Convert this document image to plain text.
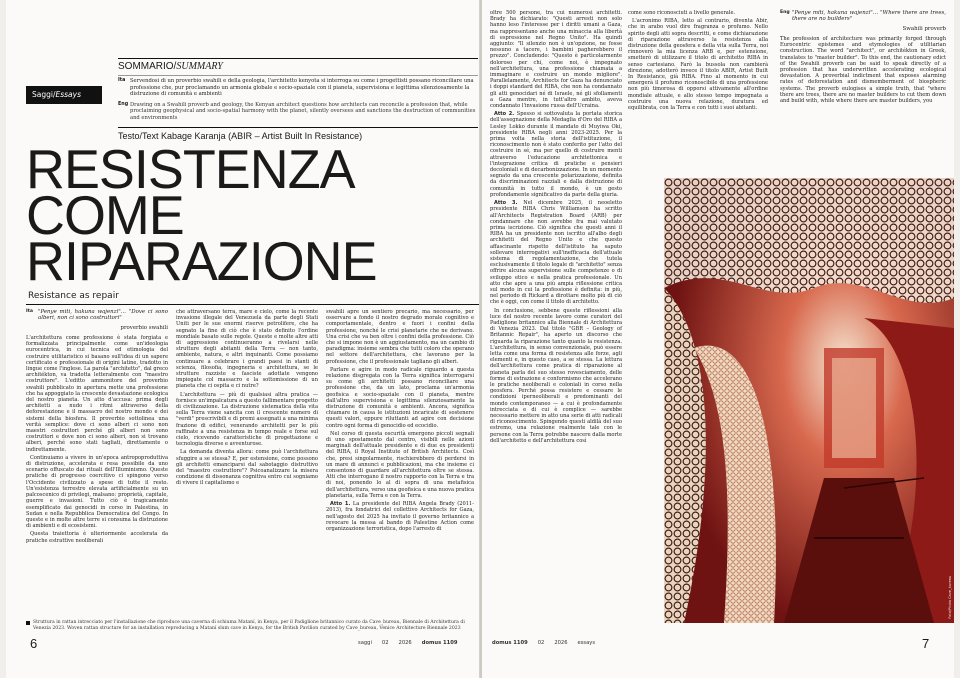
Saggi/Essays
SOMMARIO/SUMMARY
Ita Servendosi di un proverbio swahili e della geologia, l'architetto kenyota si interroga su come i progettisti possano riconciliare una professione che, pur proclamando un armonia globale e socio-spaziale con il pianeta, supervisiona e legittima silenziosamente la distruzione di comunità e ambienti
Eng Drawing on a Swahili proverb and geology, the Kenyan architect questions how architects can reconcile a profession that, while proclaiming geophysical and socio-spatial harmony with the planet, silently oversees and sanctions the destruction of communities and environments
Testo/Text Kabage Karanja (ABIR – Artist Built In Resistance)
RESISTENZA
COME
RIPARAZIONE
Resistance as repair
Ita "Penye miti, hakuna wajenzi"… "Dove ci sono alberi, non ci sono costruttori"
proverbio swahili

L'architettura come professione è stata forgiata e formalizzata principalmente come un'ideologia eurocentrica, in cui tecnica ed etimologia del costruire utilitaristico si basano sull'idea di un sapere certificato e professionale di origini latine, tradotto in lingue come l'inglese. La parola "architetto", dal greco architékton, va tradotta letteralmente con "maestro costruttore". L'editto ammonitore del proverbio swahili pubblicato in apertura mette una professione che ha appoggiato la crescente devastazione ecologica del nostro pianeta. Un atto d'accusa: prima degli architetti a nudo i ritmi attraverso della deforestazione e il massacro del nostro mondo e dei sistemi della biosfera. Il proverbio sottolinea una verità semplice: dove ci sono alberi ci sono non maestri costruttori perché gli alberi non sono costruttori e dove non ci sono alberi, non si trovano alberi, perché sono stati tagliati, direttamente o indirettamente.

Continuiamo a vivere in un'epoca antropoproduttiva di distruzione, accelerata e resa possibile da uno scenario offuscato dai rituali dell'Illuminismo. Queste pratiche di progresso coercitivo ci spingono verso l'Occidente civilizzato a spese di tutte il resto. Un'esistenza terrestre elevata artificialmente su un palcoscenico di privilegi, malsano: proprietà, capitale, guerre e invasioni. Tutto ciò è tragicamente esemplificato dai genocidi in corso in Palestina, in Sudan e nella Repubblica Democratica del Congo. In queste e in molte altre terre si consuma la distruzione di ambienti e di ecosistemi.

Questa traiettoria è ulteriormente accelerata da pratiche estrattive neoliberali

che attraversano terra, mare e cielo, come la recente invasione illegale del Venezuela da parte degli Stati Uniti per le sue enormi riserve petrolifere, che ha segnato la fine di ciò che è stato definito l'ordine mondiale basato sulle regole. Queste e molte altre atti di aggressione continueranno a rivelarsi nelle strutture degli abitanti della Terra — non tanto, ambiente, natura, e altri inquinanti. Come possiamo continuare a celebrare i grandi paesi in stanti di scienza, filosofia, ingegneria e architettura, se le strutture razziste e fasciste adottate vengono impiegate col massacro e la sottomissione di un pianeta che ci ospita e ci nutre?

L'architettura — più di qualsiasi altra pratica — fornisce un'impalcatura a questo fallimentare progetto di civilizzazione. La distruzione sistematica della vita sulla Terra viene sancita con il crescente numero di "verdi" prescrivibili e di premi assegnati a una minima frazione di edifici, venerando architetti per le più raffinate a una resistenza in tempo reale e forse sul cielo, ricevendo caratteristiche di progettazione e tecnologia diverse e avventurose.

La domanda diventa allora: come può l'architettura sfuggire a se stessa? E, per estensione, come possono gli architetti emanciparsi dal sabotaggio distruttivo del "maestro costruttore"? Psicoanalizzare la misera condizione di dissonanza cognitiva entro cui sogniamo di vivere il capitalismo e

swahili apre un sentiero precario, ma necessario, per osservare a fondo il nostro degrado morale cognitivo e comportamentale, dentro e fuori i confini della professione, nonché le crisi planetarie che ne derivano. Una crisi che va ben oltre i confini della professione. Ciò che si impone non è un aggiustamento, ma un cambio di paradigma: insieme sembra che tutti coloro che operano nel settore dell'architettura, che lavorano per la professione, che il professionale tagliano gli alberi.

Parlare e agire in modo radicale riguardo a questa relazione disgregata con la Terra significa interrogarsi su come gli architetti possano riconciliare una professione che, da un lato, proclama un'armonia geofisica e socio-spaziale con il pianeta, mentre dall'altro supervisiona e legittima silenziosamente la distruzione di comunità e ambienti. Ancora, significa chiamare in causa le istituzioni incaricate di sostenere questi valori, eppure riluttanti ad agire con decisione contro ogni forma di genocidio ed ecocidio.

Nel corso di questa oscurità emergono piccoli segnali di uno spostamento dal centro, visibili nelle azioni marginali dell'attuale presidente e di due ex presidenti del RIBA, il Royal Institute of British Architects. Così che, presi singolarmente, rischierebbero di perdersi in un mare di annunci e pubblicazioni, ma che insieme ci consentono di guardare all'architettura oltre se stessa. Atti che interrogano il nostro rapporto con la Terra e tra di noi, ponendo lo al di sopra di una metafisica dell'architettura, verso una geofisica e una nuova pratica planetaria, sulla Terra e con la Terra.

Atto 1. La presidente del RIBA Angela Brady (2011-2013), fra fondatrici del collettivo Architects for Gaza, nell'agosto del 2025 ha invitato il governo britannico a revocare la messa al bando di Palestine Action come organizzazione terroristica, dopo l'arresto di

Struttura in rattan intrecciato per l'installazione che riproduce una caverna di schiuma Mataní, in Kenya, per il Padiglione britannico curato da Cave_bureau, Biennale di Architettura di Venezia 2023. Woven rattan structure for an installation reproducing a Mataní slum cave in Kenya, for the British Pavilion curated by Cave_bureau, Venice Architecture Biennale 2023
6	saggi 02 2026 domus 1109

oltre 500 persone, tra cui numerosi architetti. Brady ha dichiarato: "Questi arresti non solo hanno leso l'interesse per i diritti umani a Gaza, ma rappresentano anche una minaccia alla libertà di espressione nel Regno Unito". Ha quindi aggiunto: "Il silenzio non è un'opzione, ne fosse nessuno a tacere, i bambini pagherebbero il prezzo". Concludendo: "Questo è particolarmente doloroso per chi, come noi, è impegnato nell'architettura, una professione chiamata a immaginare e costruire un mondo migliore". Parallelamente, Architects for Gaza ha denunciato i doppi standard del RIBA, che non ha condannato gli atti genocidari né di Israele, né gli sfollamenti a Gaza mentre, in tutt'altro ambito, aveva condannato l'invasione russa dell'Ucraina.

Atto 2. Spesso si sottovaluta la portata storica dell'assegnazione della Medaglia d'Oro del RIBA a Lesley Lokko durante il mandato di Muyiwa Oki, presidente RIBA negli anni 2023-2025. Per la prima volta nella storia dell'istituzione, il riconoscimento non è stato conferito per l'atto del costruire in sé, ma per quello di costruire menti attraverso l'educazione architettonica e l'integrazione critica di pratiche e pensieri decoloniali e di decarbonizzazione. In un momento segnato da una crescente polarizzazione, definita da discriminazioni razziali e dalla distruzione di comunità in tutto il mondo, è un gesto profondamente significativo da parte della giuria.

Atto 3. Nel dicembre 2025, il neoeletto presidente RIBA Chris Williamson ha scritto all'Architects Registration Board (ARB) per condannare che non avrebbe fra mai valutato prima iscrizione. Ciò significa che questi anni il RIBA ha un presidente non iscritto all'albo degli architetti del Regno Unito e che questo affascinante rispetto dell'istituto ha saputo sollevare interrogativi sull'inefficacia dell'attuale sistema di regolamentazione, che tutela esclusivamente il titolo legale di "architetto" senza offrire alcuna supervisione sulle competenze o di sviluppo etico e nella pratica professionale. Un atto che apre a una più ampia riflessione critica sul modo in cui la professione è definita: in più, nel periodo di Rickard a dirottare molto più di ciò che è oggi, con come il titolo di architetto.

In conclusione, sebbene queste riflessioni alla luce del nostro recente lavoro come curatori del Padiglione britannico alla Biennale di Architettura di Venezia 2023. Dal titolo "GBR – Geology of Britannic Repair", ha aperto un discorso che riguarda la riparazione tanto quanto la resistenza. L'architettura, in senso convenzionale, può essere letta come una forma di resistenza alle forze, agli elementi e, in questo caso, a se stessa. La lettura dell'architettura come pratica di riparazione al pianeta parla del suo stesso rovesciamento, delle forme di estrazione e conformismo che accelerano le pratiche neoliberali e coloniali in corso nella geosfera. Perché possa resistere e cessare le condizioni iperneoliberali e predominanti del mondo contemporaneo — a cui è profondamente intrecciata e di cui è complice — sarebbe necessario mettere in atto una serie di atti radicali di riconoscimento. Spingendo questi aldilà del suo estremo, una relazione realmente tale con le persone con la Terra potrebbe nascere dalla morte dell'architetto e dell'architettura così

come sono riconosciuti a livello generale.

L'acronimo RIBA, letto al contrario, diventa Abir, che in arabo vuol dire fragranza o profumo. Nello spirito degli atti sopra descritti, e come dichiarazione di riparazione attraverso la resistenza alla distruzione della geosfera e della vita sulla Terra, noi rinnoverò la mia licenza ARB e, per estensione, smetterò di utilizzare il titolo di architetto RIBA in senso cartesiano. Farò la bussola non cambierà direzione, adotterò invece il titolo ABIR, Artist Built In Resistance, già RIBA. Fino al momento in cui emergerà il profumo riconoscibile di una professione non più timorosa di opporsi attivamente all'ordine mondiale attuale, e allo stesso tempo impegnata a costruire una nuova relazione, duratura ed equilibrata, con la Terra e con tutti i suoi abitanti.

Eng "Penye miti, hakuna wajenzi"… "Where there are trees, there are no builders"
Swahili proverb

The profession of architecture was primarily forged through Eurocentric epistemes and etymologies of utilitarian construction. The word "architect", or architékton in Greek, translates to "master builder". To this end, the cautionary edict of the Swahili proverb can be said to speak directly of a profession that has underwritten accelerating ecological devastation. A proverbial indictment that exposes alarming rates of deforestation and dismemberment of biospheric systems. The proverb eulogises a simple truth, that "where there are trees, there are no master builders to cut them down and build with, while where there are master builders, you

Foto/Photo Cave_bureau
domus 1109 02 2026 essays	7
